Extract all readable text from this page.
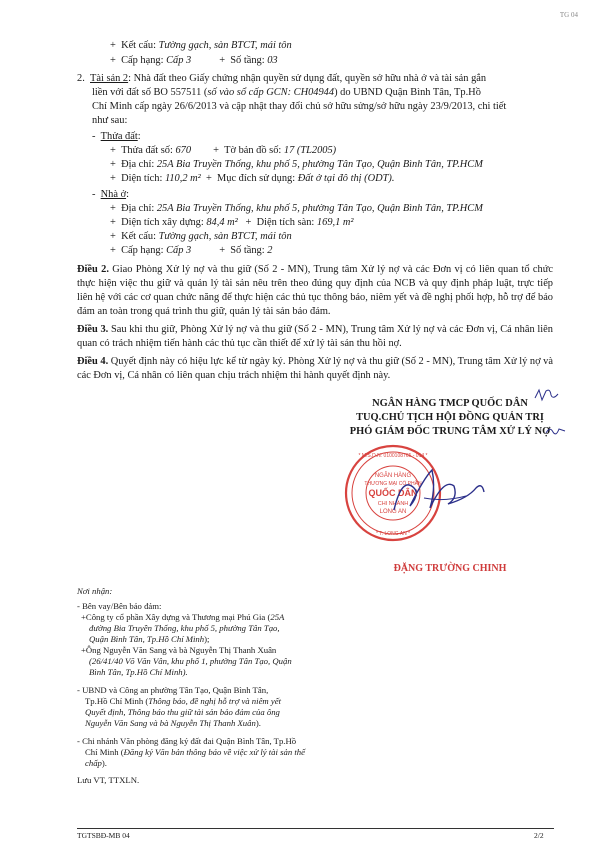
TG 04
+  Kết cấu: Tường gạch, sàn BTCT, mái tôn
+  Cấp hạng: Cấp 3	+  Số tầng: 03
2. Tài sản 2: Nhà đất theo Giấy chứng nhận quyền sử dụng đất, quyền sở hữu nhà ở và tài sản gắn
liền với đất số BO 557511 (số vào sổ cấp GCN: CH04944) do UBND Quận Bình Tân, Tp.Hồ
Chí Minh cấp ngày 26/6/2013 và cập nhật thay đổi chủ sở hữu sửng/sở hữu ngày 23/9/2013, chi tiết
như sau:
-  Thửa đất:
+  Thửa đất số: 670 +  Tờ bản đồ số: 17 (TL2005)
+  Địa chỉ: 25A Bia Truyền Thống, khu phố 5, phường Tân Tạo, Quận Bình Tân, TP.HCM
+  Diện tích: 110,2 m²  +  Mục đích sử dụng: Đất ở tại đô thị (ODT).
-  Nhà ở:
+  Địa chỉ: 25A Bia Truyền Thống, khu phố 5, phường Tân Tạo, Quận Bình Tân, TP.HCM
+  Diện tích xây dựng: 84,4 m²   +  Diện tích sàn: 169,1 m²
+  Kết cấu: Tường gạch, sàn BTCT, mái tôn
+  Cấp hạng: Cấp 3	+  Số tầng: 2
Điều 2. Giao Phòng Xử lý nợ và thu giữ (Số 2 - MN), Trung tâm Xử lý nợ và các Đơn vị có liên quan tổ chức thực hiện việc thu giữ và quản lý tài sản nêu trên theo đúng quy định của NCB và quy định pháp luật, trực tiếp liên hệ với các cơ quan chức năng để thực hiện các thủ tục thông báo, niêm yết và đề nghị phối hợp, hỗ trợ để bảo đảm an toàn trong quá trình thu giữ, quản lý tài sản bảo đảm.
Điều 3. Sau khi thu giữ, Phòng Xử lý nợ và thu giữ (Số 2 - MN), Trung tâm Xử lý nợ và các Đơn vị, Cá nhân liên quan có trách nhiệm tiến hành các thủ tục cần thiết để xử lý tài sản thu hồi nợ.
Điều 4. Quyết định này có hiệu lực kể từ ngày ký. Phòng Xử lý nợ và thu giữ (Số 2 - MN), Trung tâm Xử lý nợ và các Đơn vị, Cá nhân có liên quan chịu trách nhiệm thi hành quyết định này.
NGÂN HÀNG TMCP QUỐC DÂN
TUQ.CHỦ TỊCH HỘI ĐỒNG QUẢN TRỊ
PHÓ GIÁM ĐỐC TRUNG TÂM XỬ LÝ NỢ
NGÂN HÀNG
THƯƠNG MẠI CỔ PHẦN
QUỐC DÂN
CHI NHÁNH
LONG AN
* M.S.D.N: 0100108765 - 014 *
* T. LONG AN *
ĐẶNG TRƯỜNG CHINH
Nơi nhận:
- Bên vay/Bên bảo đảm:
+Công ty cổ phần Xây dựng và Thương mại Phú Gia (25A
đường Bia Truyền Thống, khu phố 5, phường Tân Tạo,
Quận Bình Tân, Tp.Hồ Chí Minh);
+Ông Nguyễn Văn Sang và bà Nguyễn Thị Thanh Xuân
(26/41/40 Võ Văn Vân, khu phố 1, phường Tân Tạo, Quận
Bình Tân, Tp.Hồ Chí Minh).
- UBND và Công an phường Tân Tạo, Quận Bình Tân,
Tp.Hồ Chí Minh (Thông báo, đề nghị hỗ trợ và niêm yết
Quyết định, Thông báo thu giữ tài sản bảo đảm của ông
Nguyễn Văn Sang và bà Nguyễn Thị Thanh Xuân).
- Chi nhánh Văn phòng đăng ký đất đai Quận Bình Tân, Tp.Hồ
Chí Minh (Đăng ký Văn bản thông báo về việc xử lý tài sản thế
chấp).
Lưu VT, TTXLN.
TGTSBĐ-MB 04	2/2
